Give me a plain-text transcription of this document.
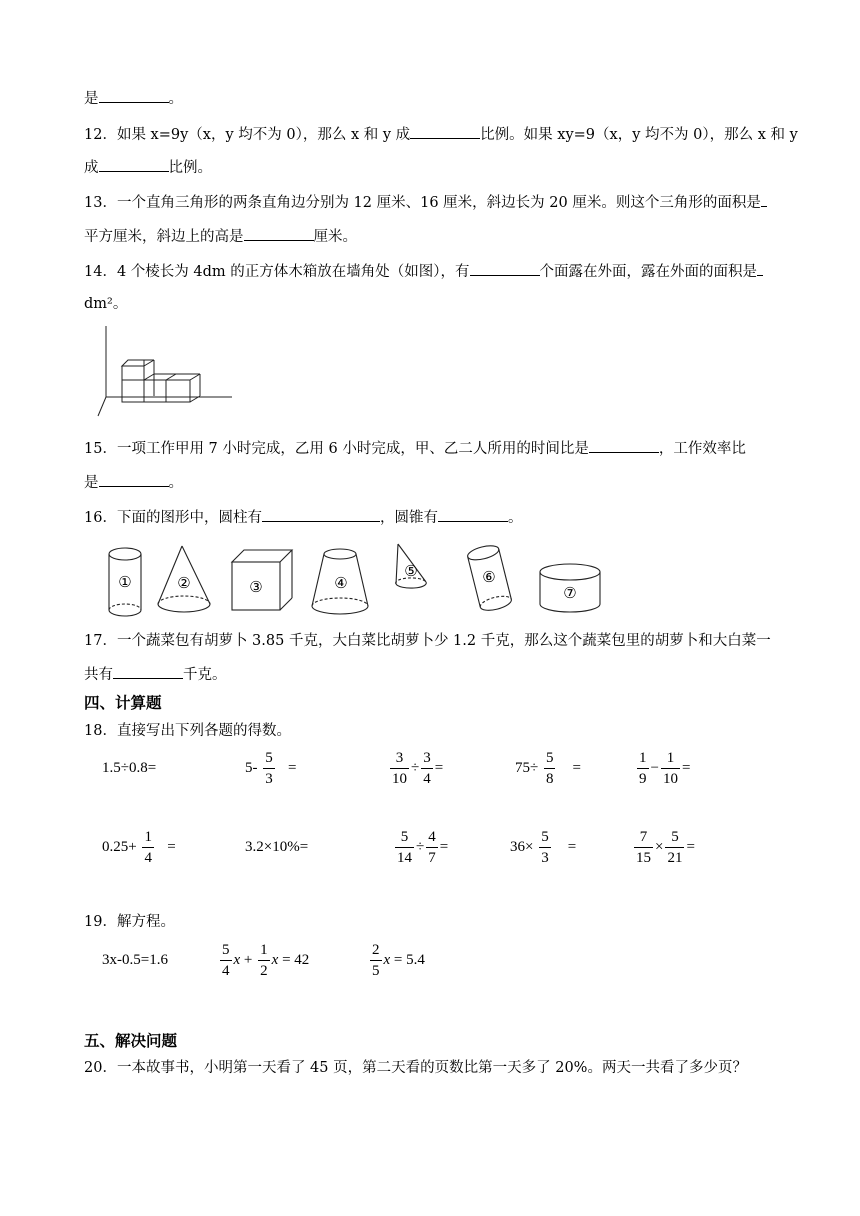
是	。
12．如果 x=9y（x，y 均不为 0），那么 x 和 y 成	比例。如果 xy=9（x，y 均不为 0），那么 x 和 y
成	比例。
13．一个直角三角形的两条直角边分别为 12 厘米、16 厘米，斜边长为 20 厘米。则这个三角形的面积是
平方厘米，斜边上的高是	厘米。
14．4 个棱长为 4dm 的正方体木箱放在墙角处（如图），有	个面露在外面，露在外面的面积是
dm²。
15．一项工作甲用 7 小时完成，乙用 6 小时完成，甲、乙二人所用的时间比是	，工作效率比
是	。
16．下面的图形中，圆柱有	，圆锥有	。
①	②	③	④
⑤	⑥
⑦
17．一个蔬菜包有胡萝卜 3.85 千克，大白菜比胡萝卜少 1.2 千克，那么这个蔬菜包里的胡萝卜和大白菜一
共有	千克。
四、计算题
18．直接写出下列各题的得数。
1.5÷0.8=	$5- \frac{5}{3}$ =	$\frac{3}{10} \div \frac{3}{4}$ =	$75\div \frac{5}{8}$ =	$\frac{1}{9} - \frac{1}{10}$ =
$0.25+ \frac{1}{4}$ =	3.2×10%=	$\frac{5}{14} \div \frac{4}{7}$ =	$36\times \frac{5}{3}$ =	$\frac{7}{15} \times \frac{5}{21}$ =
19．解方程。
3x-0.5=1.6	$\frac{5}{4}$ $x + \frac{1}{2}$ x = 42	$\frac{2}{5}$ x = 5.4
五、解决问题
20．一本故事书，小明第一天看了 45 页，第二天看的页数比第一天多了 20%。两天一共看了多少页？
